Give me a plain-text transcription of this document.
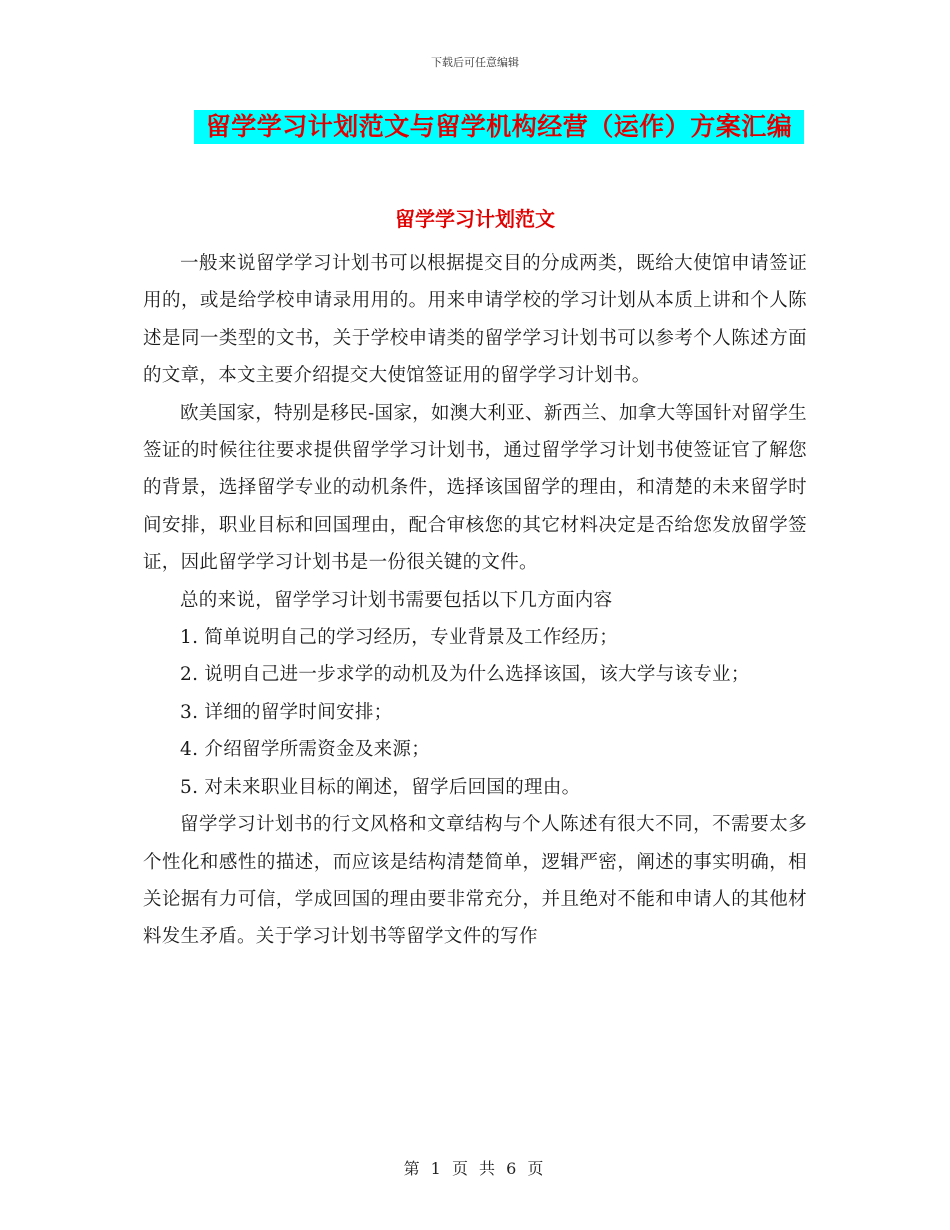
下载后可任意编辑
留学学习计划范文与留学机构经营（运作）方案汇编
留学学习计划范文

一般来说留学学习计划书可以根据提交目的分成两类，既给大使馆申请签证用的，或是给学校申请录用用的。用来申请学校的学习计划从本质上讲和个人陈述是同一类型的文书，关于学校申请类的留学学习计划书可以参考个人陈述方面的文章，本文主要介绍提交大使馆签证用的留学学习计划书。

欧美国家，特别是移民-国家，如澳大利亚、新西兰、加拿大等国针对留学生签证的时候往往要求提供留学学习计划书，通过留学学习计划书使签证官了解您的背景，选择留学专业的动机条件，选择该国留学的理由，和清楚的未来留学时间安排，职业目标和回国理由，配合审核您的其它材料决定是否给您发放留学签证，因此留学学习计划书是一份很关键的文件。

总的来说，留学学习计划书需要包括以下几方面内容

1. 简单说明自己的学习经历，专业背景及工作经历；

2. 说明自己进一步求学的动机及为什么选择该国，该大学与该专业；

3. 详细的留学时间安排；

4. 介绍留学所需资金及来源；

5. 对未来职业目标的阐述，留学后回国的理由。

留学学习计划书的行文风格和文章结构与个人陈述有很大不同，不需要太多个性化和感性的描述，而应该是结构清楚简单，逻辑严密，阐述的事实明确，相关论据有力可信，学成回国的理由要非常充分，并且绝对不能和申请人的其他材料发生矛盾。关于学习计划书等留学文件的写作

第 1 页 共 6 页
